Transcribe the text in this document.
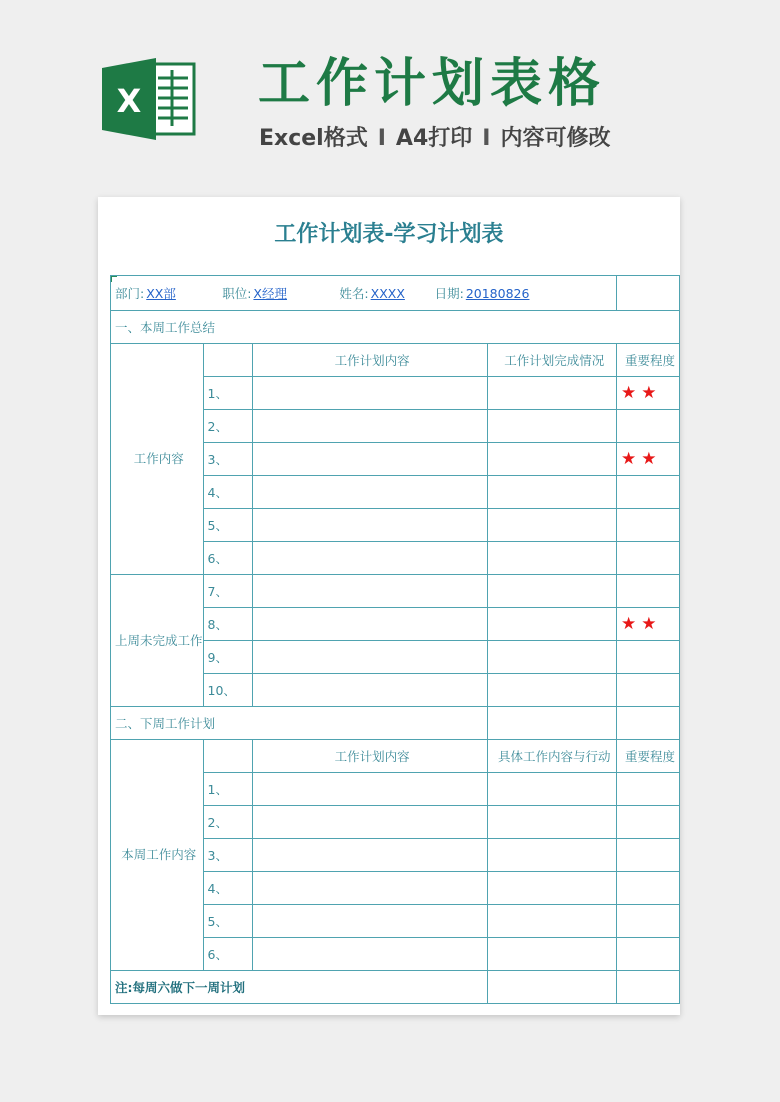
X 工作计划表格
Excel格式 I A4打印 I 内容可修改
工作计划表-学习计划表
部门: XX部 职位: X经理 姓名: XXXX 日期: 20180826				
一、本周工作总结				
工作内容		工作计划内容	工作计划完成情况	重要程度
	1、			★★
	2、			
	3、			★★
	4、			
	5、			
	6、			
上周未完成工作	7、			
	8、			★★
	9、			
	10、			
二、下周工作计划				
本周工作内容		工作计划内容	具体工作内容与行动	重要程度
	1、			
	2、			
	3、			
	4、			
	5、			
	6、			
注:每周六做下一周计划				
